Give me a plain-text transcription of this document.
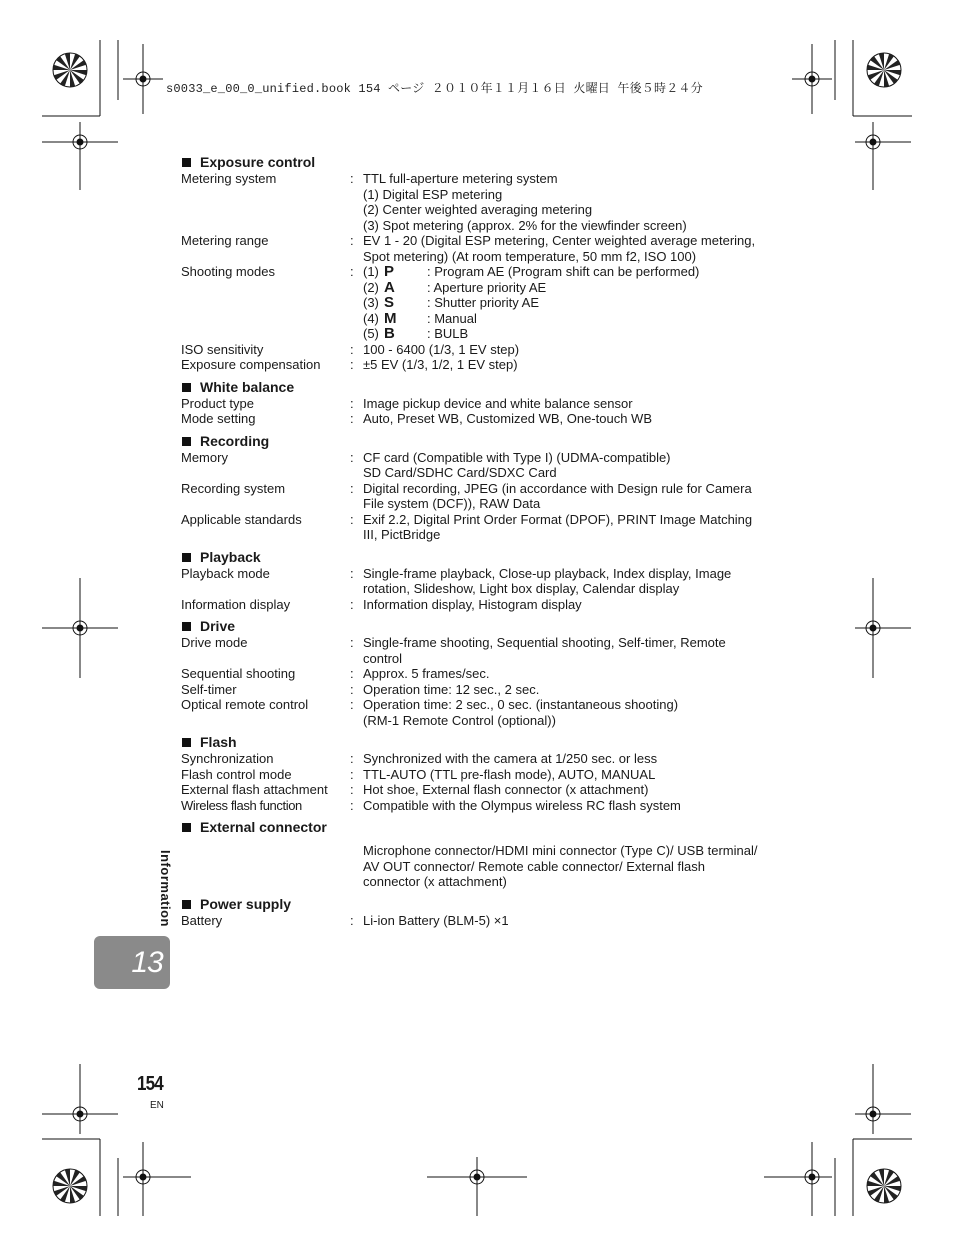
s0033_e_00_0_unified.book 154 ページ ２０１０年１１月１６日 火曜日 午後５時２４分
Exposure control
Metering system	: TTL full-aperture metering system
(1) Digital ESP metering
(2) Center weighted averaging metering
(3) Spot metering (approx. 2% for the viewfinder screen)
Metering range	: EV 1 - 20 (Digital ESP metering, Center weighted average metering,
Spot metering) (At room temperature, 50 mm f2, ISO 100)
Shooting modes	: (1) P	: Program AE (Program shift can be performed)
(2) A	: Aperture priority AE
(3) S	: Shutter priority AE
(4) M	: Manual
(5) B	: BULB
ISO sensitivity	: 100 - 6400 (1/3, 1 EV step)
Exposure compensation	: ±5 EV (1/3, 1/2, 1 EV step)
White balance
Product type	: Image pickup device and white balance sensor
Mode setting	: Auto, Preset WB, Customized WB, One-touch WB
Recording
Memory	: CF card (Compatible with Type I) (UDMA-compatible)
SD Card/SDHC Card/SDXC Card
Recording system	: Digital recording, JPEG (in accordance with Design rule for Camera
File system (DCF)), RAW Data
Applicable standards	: Exif 2.2, Digital Print Order Format (DPOF), PRINT Image Matching
III, PictBridge
Playback
Playback mode	: Single-frame playback, Close-up playback, Index display, Image
rotation, Slideshow, Light box display, Calendar display
Information display	: Information display, Histogram display
Drive
Drive mode	: Single-frame shooting, Sequential shooting, Self-timer, Remote
control
Sequential shooting	: Approx. 5 frames/sec.
Self-timer	: Operation time: 12 sec., 2 sec.
Optical remote control	: Operation time: 2 sec., 0 sec. (instantaneous shooting)
(RM-1 Remote Control (optional))
Flash
Synchronization	: Synchronized with the camera at 1/250 sec. or less
Flash control mode	: TTL-AUTO (TTL pre-flash mode), AUTO, MANUAL
External flash attachment	: Hot shoe, External flash connector (x attachment)
Wireless flash function	: Compatible with the Olympus wireless RC flash system
External connector
Microphone connector/HDMI mini connector (Type C)/ USB terminal/
AV OUT connector/ Remote cable connector/ External flash
connector (x attachment)
Power supply
Battery	: Li-ion Battery (BLM-5) ×1
Information
13
154
EN
